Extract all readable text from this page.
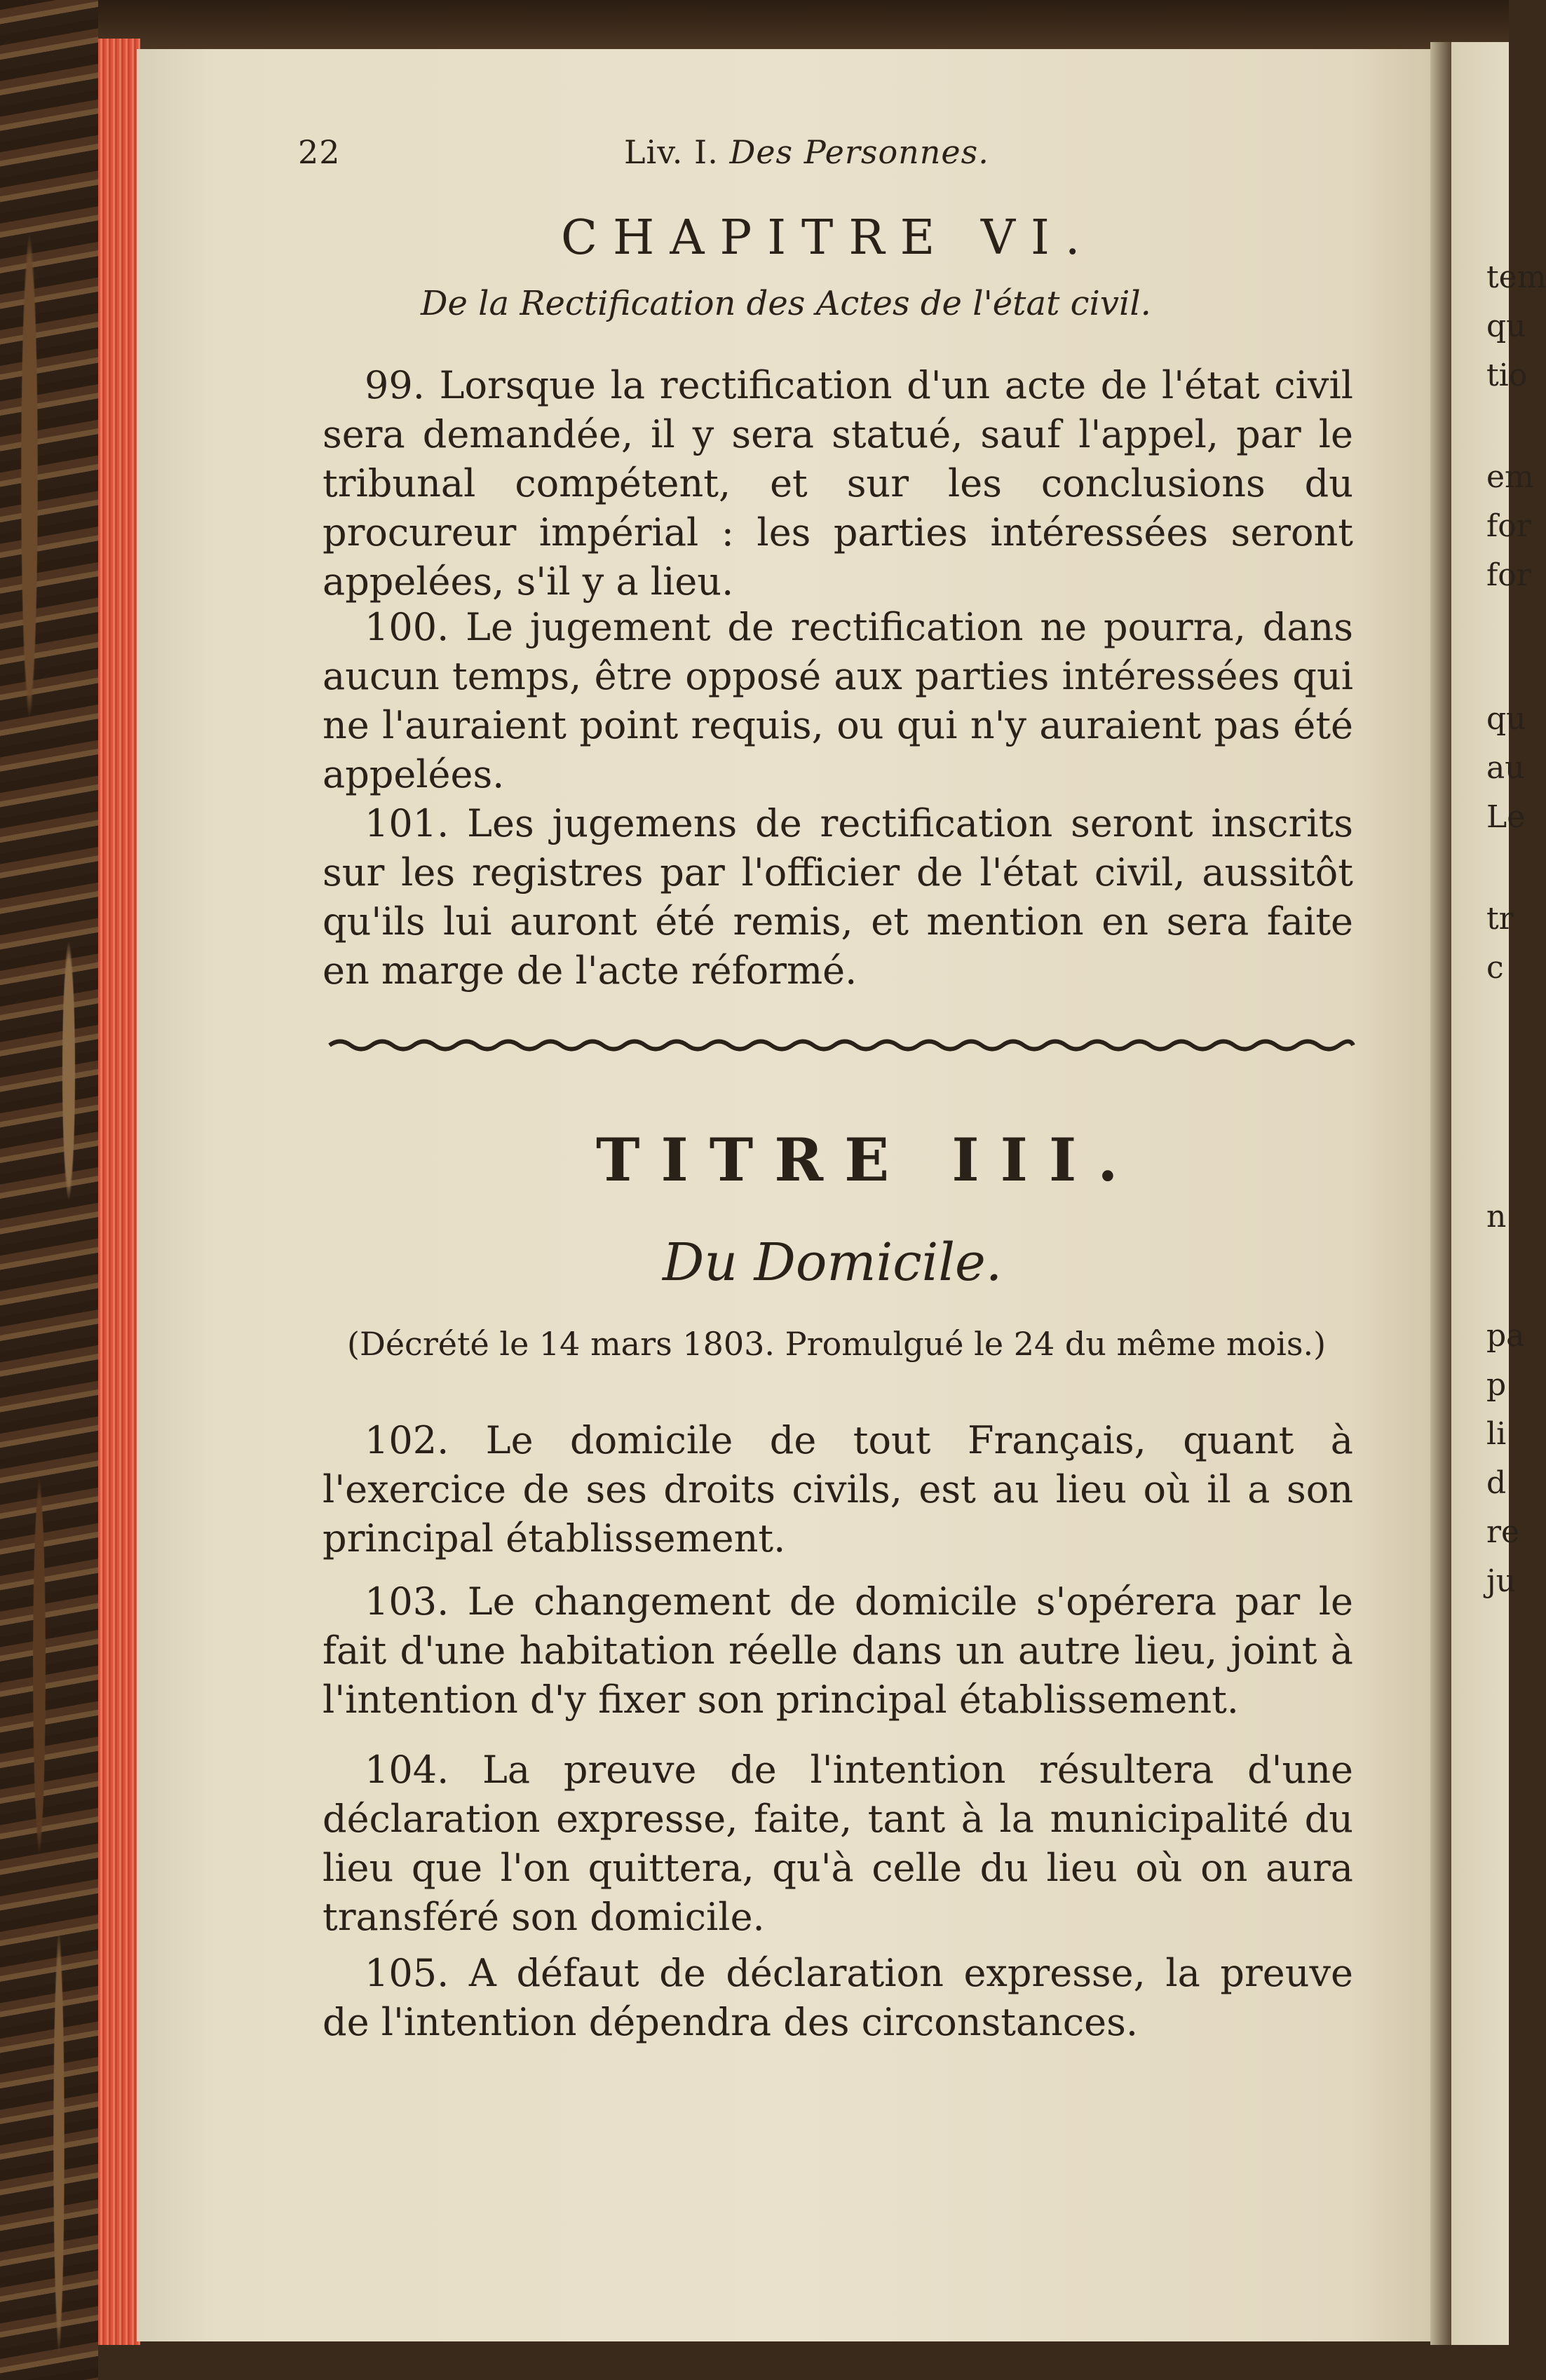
tem
qu
tio
em
for
for
qu
au
Le
tr
c
n
pa
p
li
d
re
ju
22	Liv. I. Des Personnes.
CHAPITRE VI.
De la Rectification des Actes de l'état civil.
99. Lorsque la rectification d'un acte de l'état civil sera demandée, il y sera statué, sauf l'appel, par le tribunal compétent, et sur les conclusions du procureur impérial : les parties intéressées seront appelées, s'il y a lieu.
100. Le jugement de rectification ne pourra, dans aucun temps, être opposé aux parties intéressées qui ne l'auraient point requis, ou qui n'y auraient pas été appelées.
101. Les jugemens de rectification seront inscrits sur les registres par l'officier de l'état civil, aussitôt qu'ils lui auront été remis, et mention en sera faite en marge de l'acte réformé.
TITRE III.
Du Domicile.
(Décrété le 14 mars 1803. Promulgué le 24 du même mois.)
102. Le domicile de tout Français, quant à l'exercice de ses droits civils, est au lieu où il a son principal établissement.
103. Le changement de domicile s'opérera par le fait d'une habitation réelle dans un autre lieu, joint à l'intention d'y fixer son principal établissement.
104. La preuve de l'intention résultera d'une déclaration expresse, faite, tant à la municipalité du lieu que l'on quittera, qu'à celle du lieu où on aura transféré son domicile.
105. A défaut de déclaration expresse, la preuve de l'intention dépendra des circonstances.
